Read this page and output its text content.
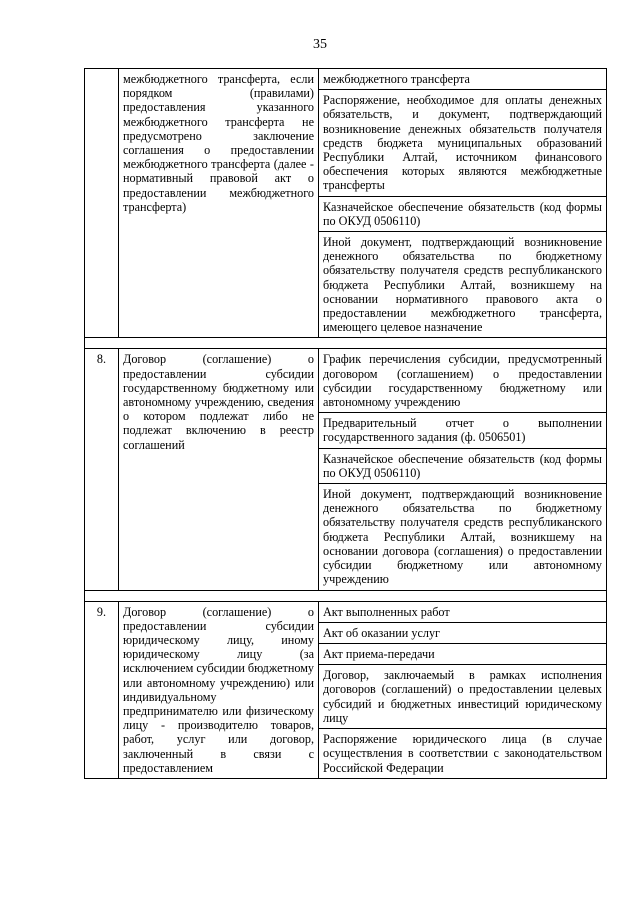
35
	межбюджетного трансферта, если порядком (правилами) предоставления указанного межбюджетного трансферта не предусмотрено заключение соглашения о предоставлении межбюджетного трансферта (далее - нормативный правовой акт о предоставлении межбюджетного трансферта)	межбюджетного трансферта
		Распоряжение, необходимое для оплаты денежных обязательств, и документ, подтверждающий возникновение денежных обязательств получателя средств бюджета муниципальных образований Республики Алтай, источником финансового обеспечения которых являются межбюджетные трансферты
		Казначейское обеспечение обязательств (код формы по ОКУД 0506110)
		Иной документ, подтверждающий возникновение денежного обязательства по бюджетному обязательству получателя средств республиканского бюджета Республики Алтай, возникшему на основании нормативного правового акта о предоставлении межбюджетного трансферта, имеющего целевое назначение

8.	Договор (соглашение) о предоставлении субсидии государственному бюджетному или автономному учреждению, сведения о котором подлежат либо не подлежат включению в реестр соглашений	График перечисления субсидии, предусмотренный договором (соглашением) о предоставлении субсидии государственному бюджетному или автономному учреждению
		Предварительный отчет о выполнении государственного задания (ф. 0506501)
		Казначейское обеспечение обязательств (код формы по ОКУД 0506110)
		Иной документ, подтверждающий возникновение денежного обязательства по бюджетному обязательству получателя средств республиканского бюджета Республики Алтай, возникшему на основании договора (соглашения) о предоставлении субсидии бюджетному или автономному учреждению

9.	Договор (соглашение) о предоставлении субсидии юридическому лицу, иному юридическому лицу (за исключением субсидии бюджетному или автономному учреждению) или индивидуальному предпринимателю или физическому лицу - производителю товаров, работ, услуг или договор, заключенный в связи с предоставлением	Акт выполненных работ
		Акт об оказании услуг
		Акт приема-передачи
		Договор, заключаемый в рамках исполнения договоров (соглашений) о предоставлении целевых субсидий и бюджетных инвестиций юридическому лицу
		Распоряжение юридического лица (в случае осуществления в соответствии с законодательством Российской Федерации
